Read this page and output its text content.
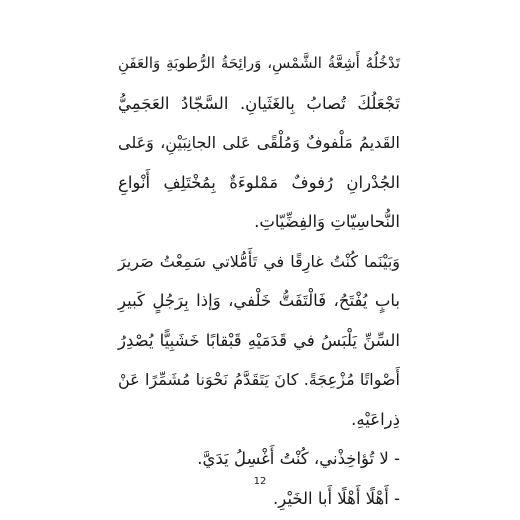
تَدْخُلُهُ أَشِعَّةُ الشَّمْسِ، وَرائِحَةُ الرُّطوبَةِ وَالعَفَنِ
تَجْعَلُكَ تُصابُ بِالغَثَيانِ. السَّجّادُ العَجَمِيُّ
القَديمُ مَلْفوفٌ وَمُلْقًى عَلى الجانِبَيْنِ، وَعَلى
الجُدْرانِ رُفوفٌ مَمْلوءَةٌ بِمُخْتَلِفِ أَنْواعِ
النُّحاسِيّاتِ وَالفِضِّيّاتِ.
وَبَيْنَما كُنْتُ غارِقًا في تَأَمُّلاتي سَمِعْتُ صَريرَ
بابٍ يُفْتَحُ، فَالْتَفَتُّ خَلْفي، وَإذا بِرَجُلٍ كَبيرِ
السِّنِّ يَلْبَسُ في قَدَمَيْهِ قَبْقابًا خَشَبِيًّا يُصْدِرُ
أَصْواتًا مُزْعِجَةً. كانَ يَتَقَدَّمُ نَحْوَنا مُشَمِّرًا عَنْ
ذِراعَيْهِ.
- لا تُؤاخِذْني، كُنْتُ أَغْسِلُ يَدَيَّ.
- أَهْلًا أَهْلًا أَبا الخَيْرِ.
12
